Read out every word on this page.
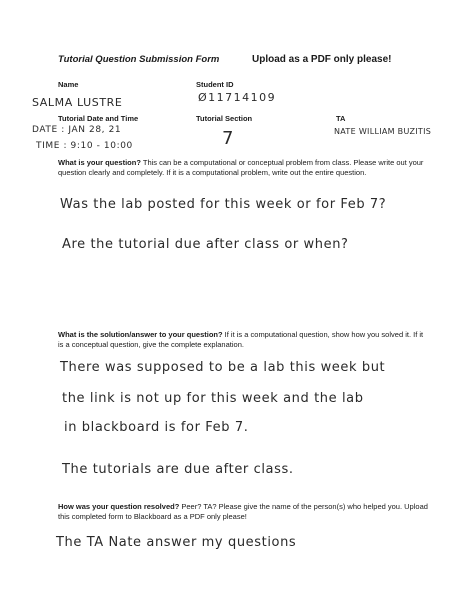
Tutorial Question Submission Form	Upload as a PDF only please!
Name	Student ID
SALMA LUSTRE	Ø11714109
Tutorial Date and Time	Tutorial Section	TA
DATE : JAN 28, 21	7	NATE WILLIAM BUZITIS
TIME : 9:10 - 10:00
What is your question? This can be a computational or conceptual problem from class. Please write out your question clearly and completely. If it is a computational problem, write out the entire question.
Was the lab posted for this week or for Feb 7?
Are the tutorial due after class or when?
What is the solution/answer to your question? If it is a computational question, show how you solved it. If it is a conceptual question, give the complete explanation.
There was supposed to be a lab this week but
the link is not up for this week and the lab
in blackboard is for Feb 7.
The tutorials are due after class.
How was your question resolved? Peer? TA? Please give the name of the person(s) who helped you. Upload this completed form to Blackboard as a PDF only please!
The TA Nate answer my questions
